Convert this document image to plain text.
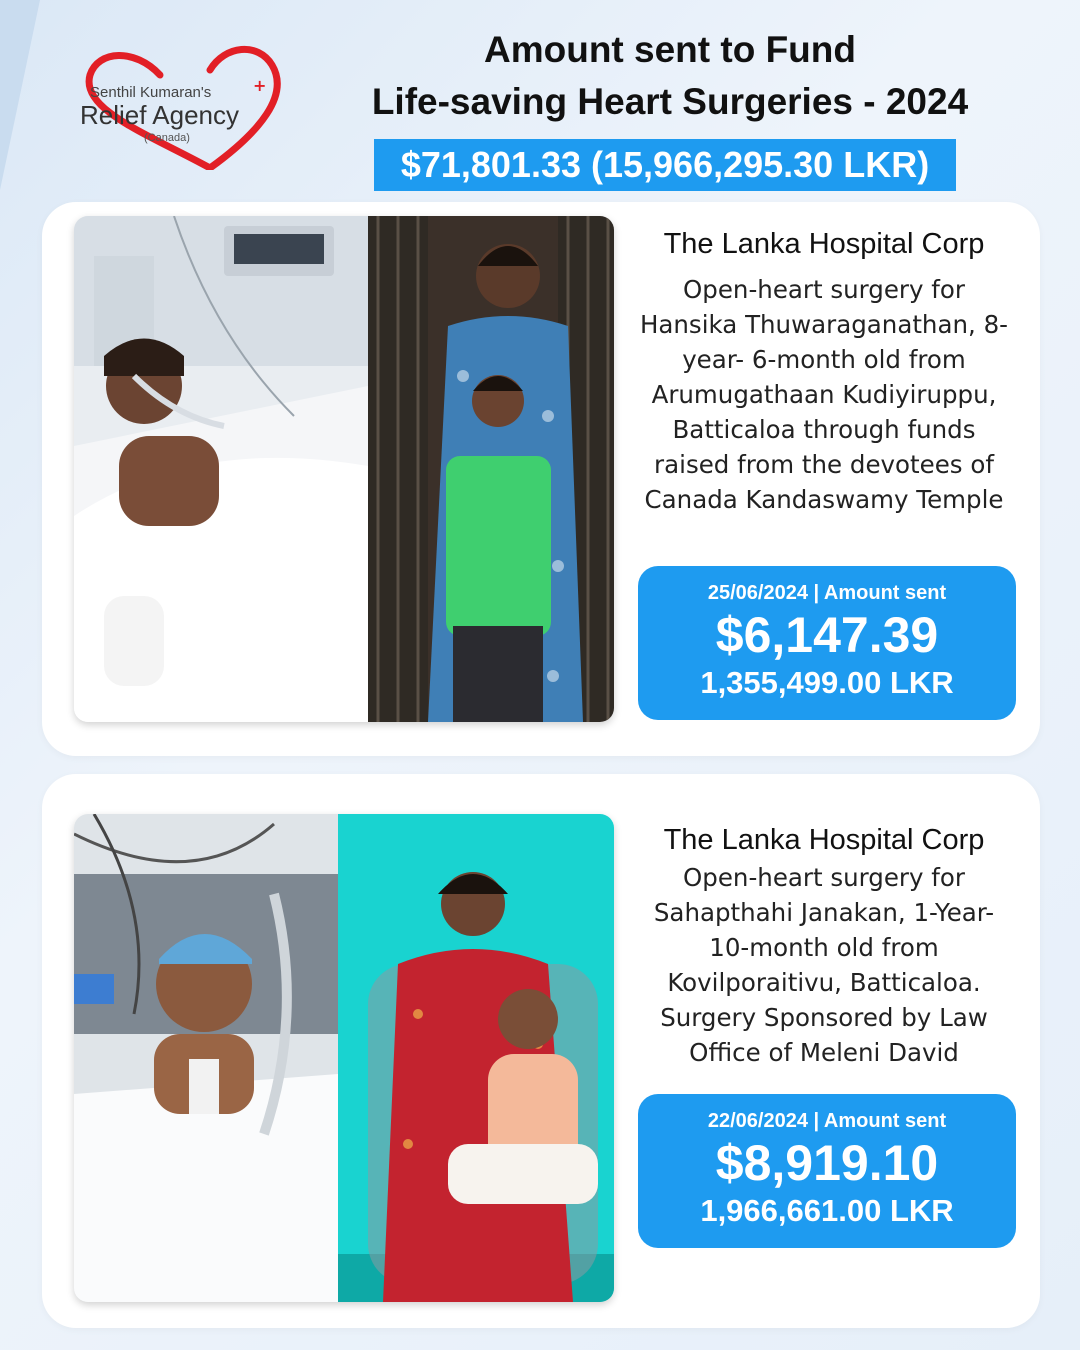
+
Senthil Kumaran's
Relief Agency
(Canada)
Amount sent to Fund
Life-saving Heart Surgeries - 2024
$71,801.33 (15,966,295.30 LKR)
The Lanka Hospital Corp
Open-heart surgery for Hansika Thuwaraganathan, 8-year- 6-month old from Arumugathaan Kudiyiruppu, Batticaloa through funds raised from the devotees of Canada Kandaswamy Temple
25/06/2024 | Amount sent
$6,147.39
1,355,499.00 LKR
The Lanka Hospital Corp
Open-heart surgery for Sahapthahi Janakan, 1-Year-10-month old from Kovilporaitivu, Batticaloa. Surgery Sponsored by Law Office of Meleni David
22/06/2024 | Amount sent
$8,919.10
1,966,661.00 LKR
